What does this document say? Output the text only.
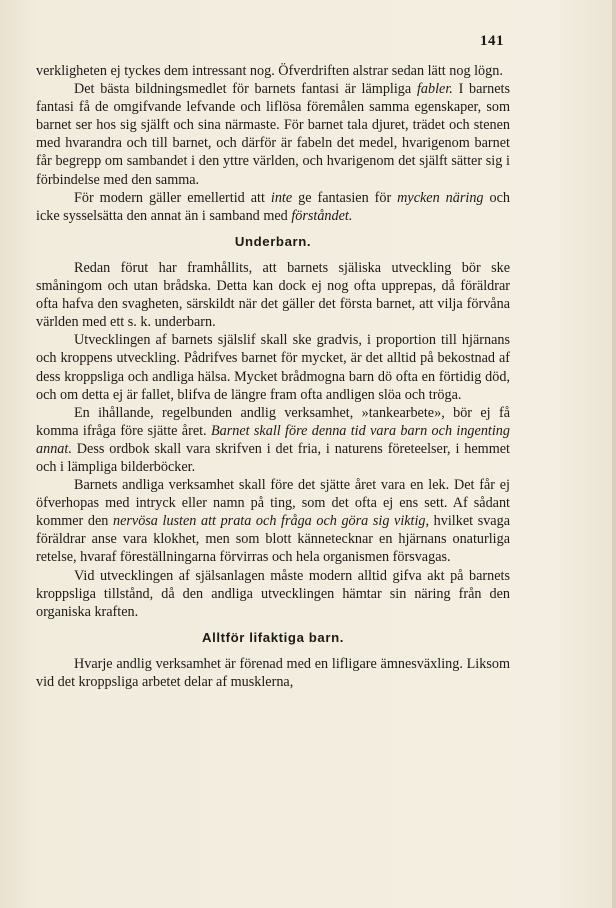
141

verkligheten ej tyckes dem intressant nog. Öfverdriften alstrar sedan lätt nog lögn.

Det bästa bildningsmedlet för barnets fantasi är lämpliga fabler. I barnets fantasi få de omgifvande lefvande och liflösa föremålen samma egenskaper, som barnet ser hos sig själft och sina närmaste. För barnet tala djuret, trädet och stenen med hvarandra och till barnet, och därför är fabeln det medel, hvarigenom barnet får begrepp om sambandet i den yttre världen, och hvarigenom det själft sätter sig i förbindelse med den samma.

För modern gäller emellertid att inte ge fantasien för mycken näring och icke sysselsätta den annat än i samband med förståndet.

Underbarn.

Redan förut har framhållits, att barnets själiska utveckling bör ske småningom och utan brådska. Detta kan dock ej nog ofta upprepas, då föräldrar ofta hafva den svagheten, särskildt när det gäller det första barnet, att vilja förvåna världen med ett s. k. underbarn.

Utvecklingen af barnets själslif skall ske gradvis, i proportion till hjärnans och kroppens utveckling. Pådrifves barnet för mycket, är det alltid på bekostnad af dess kroppsliga och andliga hälsa. Mycket brådmogna barn dö ofta en förtidig död, och om detta ej är fallet, blifva de längre fram ofta andligen slöa och tröga.

En ihållande, regelbunden andlig verksamhet, »tankearbete», bör ej få komma ifråga före sjätte året. Barnet skall före denna tid vara barn och ingenting annat. Dess ordbok skall vara skrifven i det fria, i naturens företeelser, i hemmet och i lämpliga bilderböcker.

Barnets andliga verksamhet skall före det sjätte året vara en lek. Det får ej öfverhopas med intryck eller namn på ting, som det ofta ej ens sett. Af sådant kommer den nervösa lusten att prata och fråga och göra sig viktig, hvilket svaga föräldrar anse vara klokhet, men som blott kännetecknar en hjärnans onaturliga retelse, hvaraf föreställningarna förvirras och hela organismen försvagas.

Vid utvecklingen af själsanlagen måste modern alltid gifva akt på barnets kroppsliga tillstånd, då den andliga utvecklingen hämtar sin näring från den organiska kraften.

Alltför lifaktiga barn.

Hvarje andlig verksamhet är förenad med en lifligare ämnesväxling. Liksom vid det kroppsliga arbetet delar af musklerna,
